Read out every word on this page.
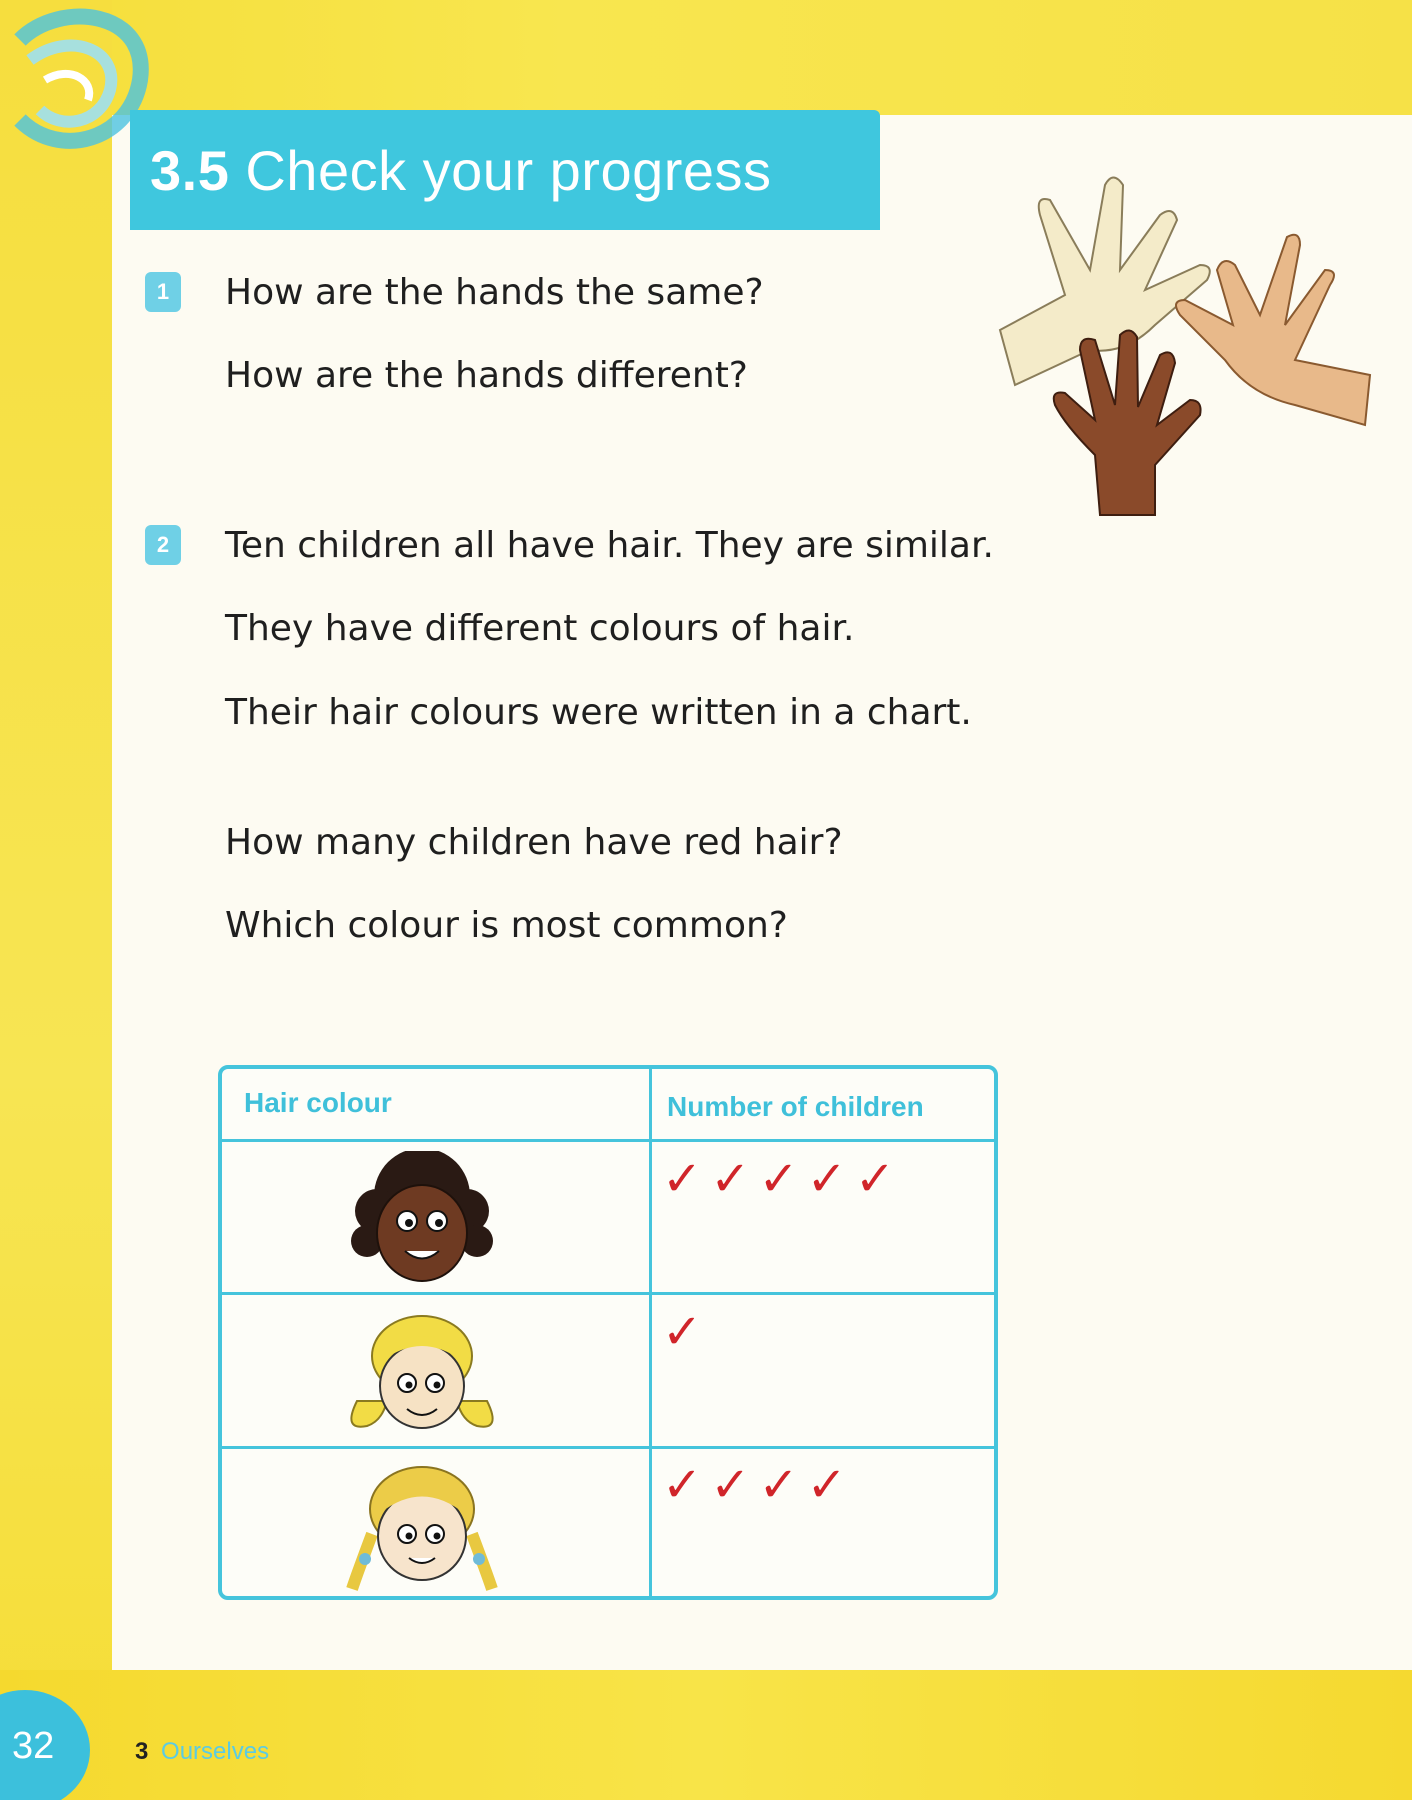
3.5 Check your progress
1	How are the hands the same?
How are the hands different?
2	Ten children all have hair. They are similar.
They have different colours of hair.
Their hair colours were written in a chart.
How many children have red hair?
Which colour is most common?
Hair colour	Number of children
✓✓✓✓✓
✓
✓✓✓✓
32	3 Ourselves
